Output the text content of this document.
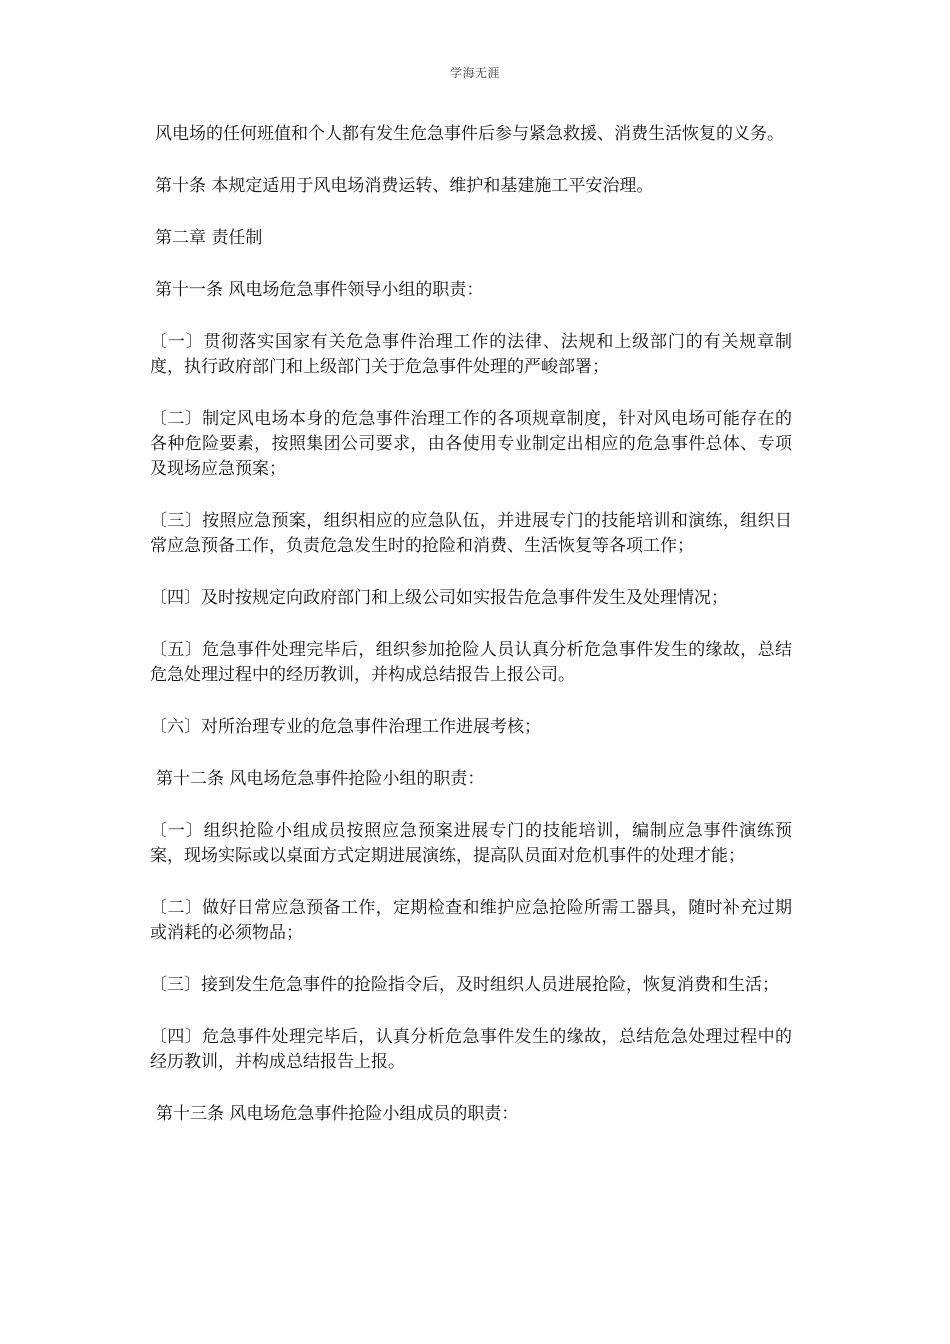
学海无涯

风电场的任何班值和个人都有发生危急事件后参与紧急救援、消费生活恢复的义务。

第十条 本规定适用于风电场消费运转、维护和基建施工平安治理。

第二章 责任制

第十一条 风电场危急事件领导小组的职责：

〔一〕贯彻落实国家有关危急事件治理工作的法律、法规和上级部门的有关规章制度，执行政府部门和上级部门关于危急事件处理的严峻部署；

〔二〕制定风电场本身的危急事件治理工作的各项规章制度，针对风电场可能存在的各种危险要素，按照集团公司要求，由各使用专业制定出相应的危急事件总体、专项及现场应急预案；

〔三〕按照应急预案，组织相应的应急队伍，并进展专门的技能培训和演练，组织日常应急预备工作，负责危急发生时的抢险和消费、生活恢复等各项工作；

〔四〕及时按规定向政府部门和上级公司如实报告危急事件发生及处理情况；

〔五〕危急事件处理完毕后，组织参加抢险人员认真分析危急事件发生的缘故，总结危急处理过程中的经历教训，并构成总结报告上报公司。

〔六〕对所治理专业的危急事件治理工作进展考核；

第十二条 风电场危急事件抢险小组的职责：

〔一〕组织抢险小组成员按照应急预案进展专门的技能培训，编制应急事件演练预案，现场实际或以桌面方式定期进展演练，提高队员面对危机事件的处理才能；

〔二〕做好日常应急预备工作，定期检查和维护应急抢险所需工器具，随时补充过期或消耗的必须物品；

〔三〕接到发生危急事件的抢险指令后，及时组织人员进展抢险，恢复消费和生活；

〔四〕危急事件处理完毕后，认真分析危急事件发生的缘故，总结危急处理过程中的经历教训，并构成总结报告上报。

第十三条 风电场危急事件抢险小组成员的职责：
